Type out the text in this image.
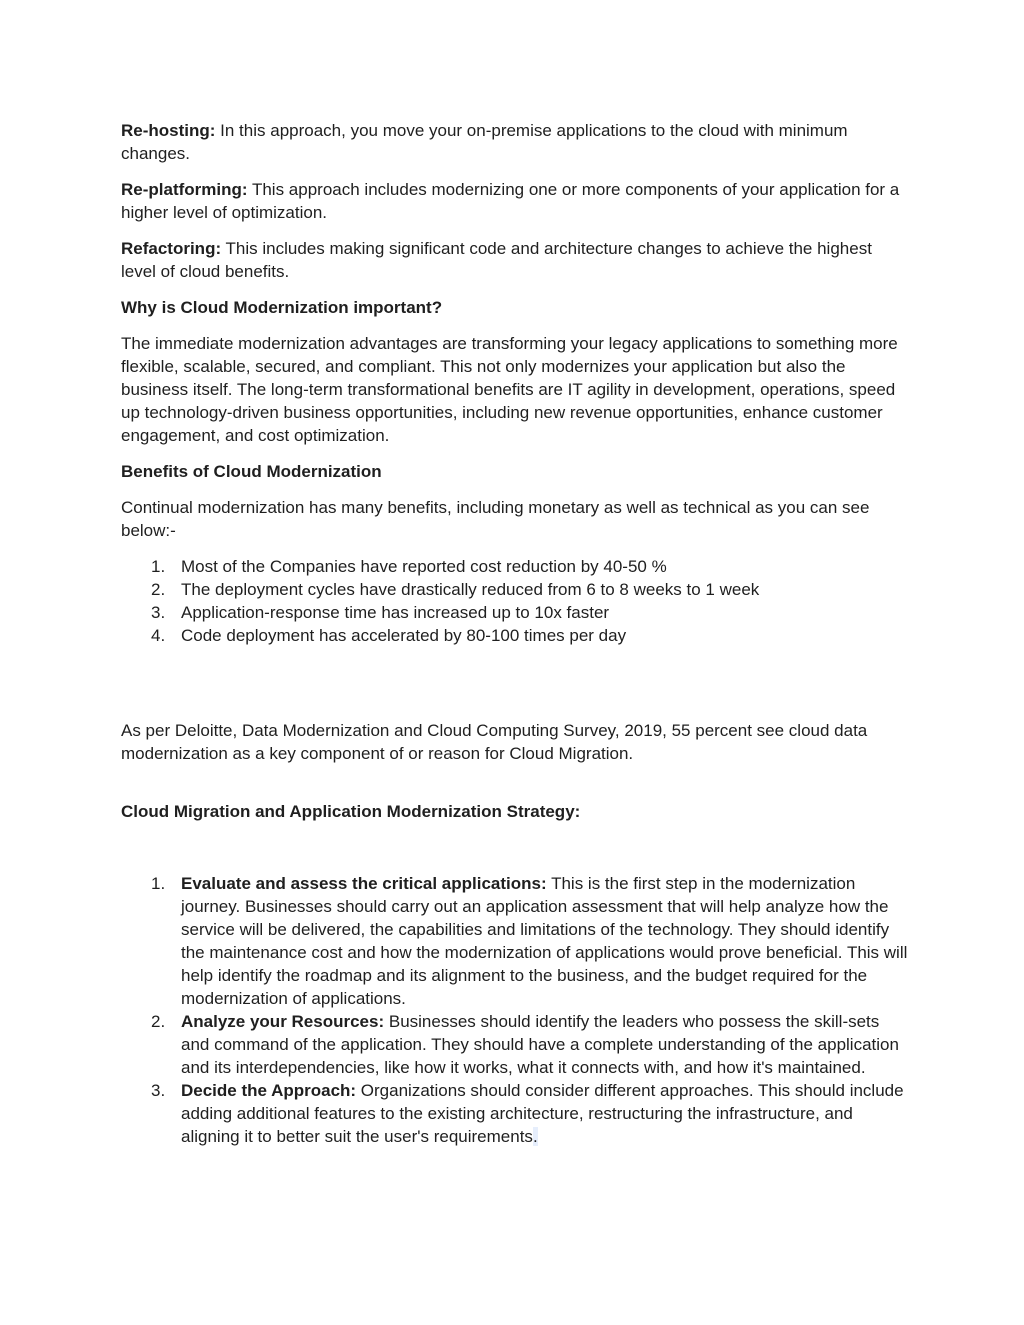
Re-hosting: In this approach, you move your on-premise applications to the cloud with minimum changes.

Re-platforming: This approach includes modernizing one or more components of your application for a higher level of optimization.

Refactoring: This includes making significant code and architecture changes to achieve the highest level of cloud benefits.

Why is Cloud Modernization important?

The immediate modernization advantages are transforming your legacy applications to something more flexible, scalable, secured, and compliant. This not only modernizes your application but also the business itself. The long-term transformational benefits are IT agility in development, operations, speed up technology-driven business opportunities, including new revenue opportunities, enhance customer engagement, and cost optimization.

Benefits of Cloud Modernization

Continual modernization has many benefits, including monetary as well as technical as you can see below:-

1. Most of the Companies have reported cost reduction by 40-50 %
2. The deployment cycles have drastically reduced from 6 to 8 weeks to 1 week
3. Application-response time has increased up to 10x faster
4. Code deployment has accelerated by 80-100 times per day

As per Deloitte, Data Modernization and Cloud Computing Survey, 2019, 55 percent see cloud data modernization as a key component of or reason for Cloud Migration.

Cloud Migration and Application Modernization Strategy:

1. Evaluate and assess the critical applications: This is the first step in the modernization journey. Businesses should carry out an application assessment that will help analyze how the service will be delivered, the capabilities and limitations of the technology. They should identify the maintenance cost and how the modernization of applications would prove beneficial. This will help identify the roadmap and its alignment to the business, and the budget required for the modernization of applications.
2. Analyze your Resources: Businesses should identify the leaders who possess the skill-sets and command of the application. They should have a complete understanding of the application and its interdependencies, like how it works, what it connects with, and how it's maintained.
3. Decide the Approach: Organizations should consider different approaches. This should include adding additional features to the existing architecture, restructuring the infrastructure, and aligning it to better suit the user's requirements.
